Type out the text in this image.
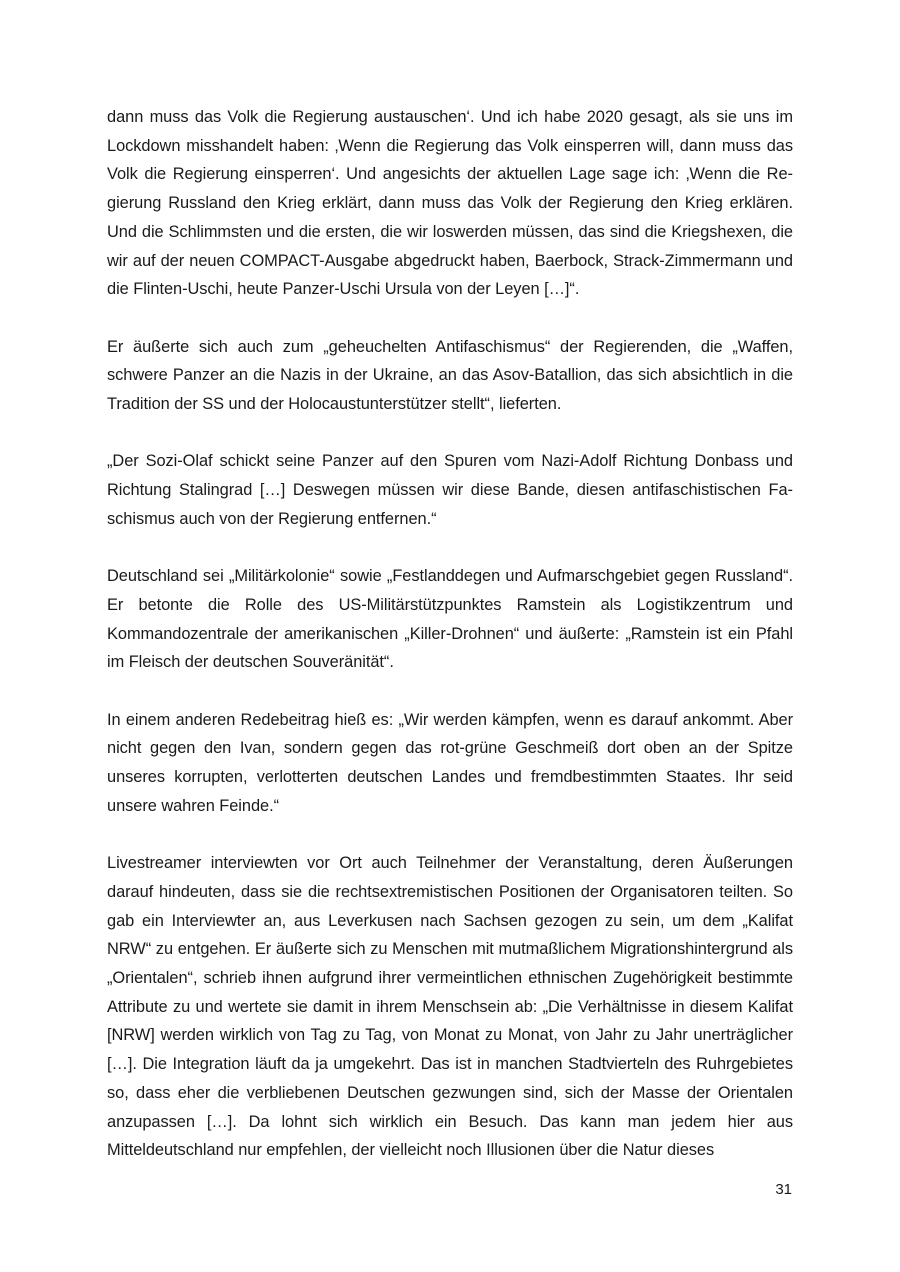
dann muss das Volk die Regierung austauschen‘. Und ich habe 2020 gesagt, als sie uns im Lockdown misshandelt haben: ‚Wenn die Regierung das Volk einsperren will, dann muss das Volk die Regierung einsperren‘. Und angesichts der aktuellen Lage sage ich: ‚Wenn die Regierung Russland den Krieg erklärt, dann muss das Volk der Regierung den Krieg erklären. Und die Schlimmsten und die ersten, die wir loswerden müssen, das sind die Kriegshexen, die wir auf der neuen COMPACT-Ausgabe abgedruckt haben, Baerbock, Strack-Zimmermann und die Flinten-Uschi, heute Panzer-Uschi Ursula von der Leyen […]“.

Er äußerte sich auch zum „geheuchelten Antifaschismus“ der Regierenden, die „Waffen, schwere Panzer an die Nazis in der Ukraine, an das Asov-Batallion, das sich absichtlich in die Tradition der SS und der Holocaustunterstützer stellt“, lieferten.

„Der Sozi-Olaf schickt seine Panzer auf den Spuren vom Nazi-Adolf Richtung Donbass und Richtung Stalingrad […] Deswegen müssen wir diese Bande, diesen antifaschistischen Faschismus auch von der Regierung entfernen.“

Deutschland sei „Militärkolonie“ sowie „Festlanddegen und Aufmarschgebiet gegen Russland“. Er betonte die Rolle des US-Militärstützpunktes Ramstein als Logistikzentrum und Kommandozentrale der amerikanischen „Killer-Drohnen“ und äußerte: „Ramstein ist ein Pfahl im Fleisch der deutschen Souveränität“.

In einem anderen Redebeitrag hieß es: „Wir werden kämpfen, wenn es darauf ankommt. Aber nicht gegen den Ivan, sondern gegen das rot-grüne Geschmeiß dort oben an der Spitze unseres korrupten, verlotterten deutschen Landes und fremdbestimmten Staates. Ihr seid unsere wahren Feinde.“

Livestreamer interviewten vor Ort auch Teilnehmer der Veranstaltung, deren Äußerungen darauf hindeuten, dass sie die rechtsextremistischen Positionen der Organisatoren teilten. So gab ein Interviewter an, aus Leverkusen nach Sachsen gezogen zu sein, um dem „Kalifat NRW“ zu entgehen. Er äußerte sich zu Menschen mit mutmaßlichem Migrationshintergrund als „Orientalen“, schrieb ihnen aufgrund ihrer vermeintlichen ethnischen Zugehörigkeit bestimmte Attribute zu und wertete sie damit in ihrem Menschsein ab: „Die Verhältnisse in diesem Kalifat [NRW] werden wirklich von Tag zu Tag, von Monat zu Monat, von Jahr zu Jahr unerträglicher […]. Die Integration läuft da ja umgekehrt. Das ist in manchen Stadtvierteln des Ruhrgebietes so, dass eher die verbliebenen Deutschen gezwungen sind, sich der Masse der Orientalen anzupassen […]. Da lohnt sich wirklich ein Besuch. Das kann man jedem hier aus Mitteldeutschland nur empfehlen, der vielleicht noch Illusionen über die Natur dieses

31
